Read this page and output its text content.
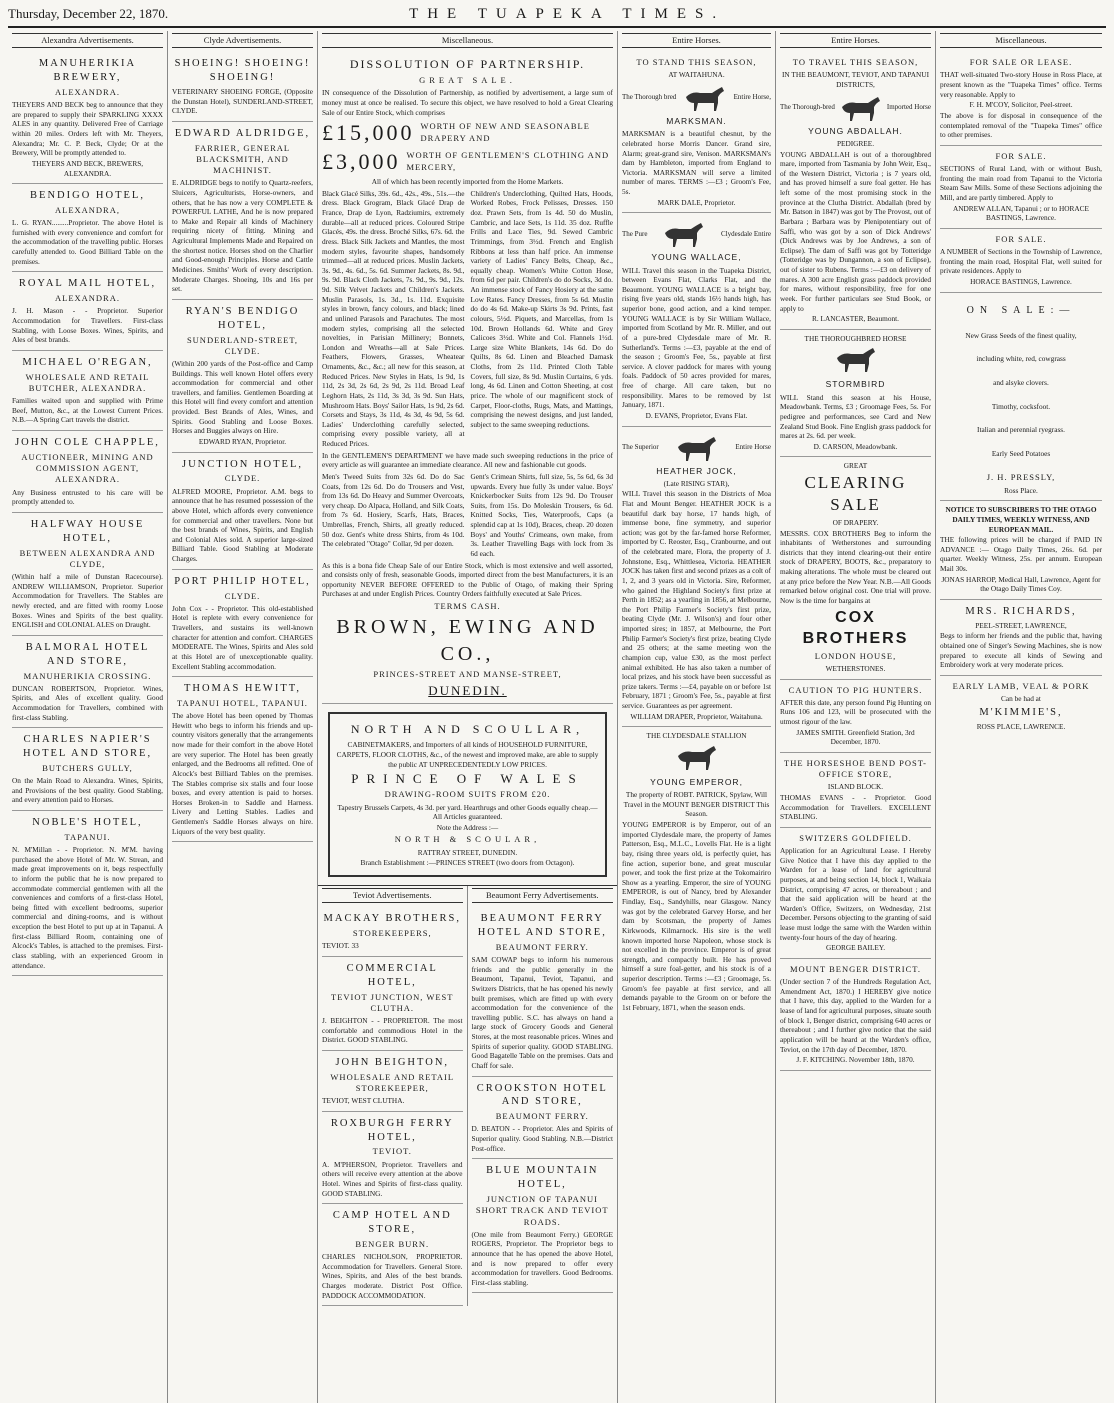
Thursday, December 22, 1870.	THE TUAPEKA TIMES.
Alexandra Advertisements.
MANUHERIKIA BREWERY,
ALEXANDRA.

THEYERS AND BECK beg to announce that they are prepared to supply their SPARKLING XXXX ALES in any quantity. Delivered Free of Carriage within 20 miles. Orders left with Mr. Theyers, Alexandra; Mr. C. P. Beck, Clyde; Or at the Brewery, Will be promptly attended to.

THEYERS AND BECK, BREWERS, ALEXANDRA.
BENDIGO HOTEL,
ALEXANDRA,

L. G. RYAN.........Proprietor. The above Hotel is furnished with every convenience and comfort for the accommodation of the travelling public. Horses carefully attended to. Good Billiard Table on the premises.

ROYAL MAIL HOTEL,
ALEXANDRA.

J. H. Mason - - Proprietor. Superior Accommodation for Travellers. First-class Stabling, with Loose Boxes. Wines, Spirits, and Ales of best brands.

MICHAEL O'REGAN,
WHOLESALE AND RETAIL BUTCHER, ALEXANDRA.

Families waited upon and supplied with Prime Beef, Mutton, &c., at the Lowest Current Prices. N.B.—A Spring Cart travels the district.

JOHN COLE CHAPPLE,
AUCTIONEER, MINING AND COMMISSION AGENT, ALEXANDRA.

Any Business entrusted to his care will be promptly attended to.

HALFWAY HOUSE HOTEL,
BETWEEN ALEXANDRA AND CLYDE,

(Within half a mile of Dunstan Racecourse). ANDREW WILLIAMSON, Proprietor. Superior Accommodation for Travellers. The Stables are newly erected, and are fitted with roomy Loose Boxes. Wines and Spirits of the best quality. ENGLISH and COLONIAL ALES on Draught.

BALMORAL HOTEL AND STORE,
MANUHERIKIA CROSSING.

DUNCAN ROBERTSON, Proprietor. Wines, Spirits, and Ales of excellent quality. Good Accommodation for Travellers, combined with first-class Stabling.

CHARLES NAPIER'S HOTEL AND STORE,
BUTCHERS GULLY,

On the Main Road to Alexandra. Wines, Spirits, and Provisions of the best quality. Good Stabling, and every attention paid to Horses.

NOBLE'S HOTEL,
TAPANUI.

N. M'Millan - - Proprietor. N. M'M. having purchased the above Hotel of Mr. W. Strean, and made great improvements on it, begs respectfully to inform the public that he is now prepared to accommodate commercial gentlemen with all the conveniences and comforts of a first-class Hotel, being fitted with excellent bedrooms, superior commercial and dining-rooms, and is without exception the best Hotel to put up at in Tapanui. A first-class Billiard Room, containing one of Alcock's Tables, is attached to the premises. First-class stabling, with an experienced Groom in attendance.

Clyde Advertisements.
SHOEING! SHOEING! SHOEING!

VETERINARY SHOEING FORGE, (Opposite the Dunstan Hotel), SUNDERLAND-STREET, CLYDE.

EDWARD ALDRIDGE,
FARRIER, GENERAL BLACKSMITH, AND MACHINIST.

E. ALDRIDGE begs to notify to Quartz-reefers, Sluicers, Agriculturists, Horse-owners, and others, that he has now a very COMPLETE & POWERFUL LATHE, And he is now prepared to Make and Repair all kinds of Machinery requiring nicety of fitting. Mining and Agricultural Implements Made and Repaired on the shortest notice. Horses shod on the Charlier and Good-enough Principles. Horse and Cattle Medicines. Smiths' Work of every description. Moderate Charges. Shoeing, 10s and 16s per set.

RYAN'S BENDIGO HOTEL,
SUNDERLAND-STREET, CLYDE.

(Within 200 yards of the Post-office and Camp Buildings. This well known Hotel offers every accommodation for commercial and other travellers, and families. Gentlemen Boarding at this Hotel will find every comfort and attention provided. Best Brands of Ales, Wines, and Spirits. Good Stabling and Loose Boxes. Horses and Buggies always on Hire.

EDWARD RYAN, Proprietor.
JUNCTION HOTEL,
CLYDE.

ALFRED MOORE, Proprietor. A.M. begs to announce that he has resumed possession of the above Hotel, which affords every convenience for commercial and other travellers. None but the best brands of Wines, Spirits, and English and Colonial Ales sold. A superior large-sized Billiard Table. Good Stabling at Moderate Charges.

PORT PHILIP HOTEL,
CLYDE.

John Cox - - Proprietor. This old-established Hotel is replete with every convenience for Travellers, and sustains its well-known character for attention and comfort. CHARGES MODERATE. The Wines, Spirits and Ales sold at this Hotel are of unexceptionable quality. Excellent Stabling accommodation.

THOMAS HEWITT,
TAPANUI HOTEL, TAPANUI.

The above Hotel has been opened by Thomas Hewitt who begs to inform his friends and up-country visitors generally that the arrangements now made for their comfort in the above Hotel are very superior. The Hotel has been greatly enlarged, and the Bedrooms all refitted. One of Alcock's best Billiard Tables on the premises. The Stables comprise six stalls and four loose boxes, and every attention is paid to horses. Horses Broken-in to Saddle and Harness. Livery and Letting Stables. Ladies and Gentlemen's Saddle Horses always on hire. Liquors of the very best quality.

Miscellaneous.
DISSOLUTION OF PARTNERSHIP.
GREAT SALE.

IN consequence of the Dissolution of Partnership, as notified by advertisement, a large sum of money must at once be realised. To secure this object, we have resolved to hold a Great Clearing Sale of our Entire Stock, which comprises

£15,000 WORTH OF NEW AND SEASONABLE DRAPERY AND
£3,000 WORTH OF GENTLEMEN'S CLOTHING AND MERCERY,

All of which has been recently imported from the Home Markets.

Black Glacé Silks, 39s. 6d., 42s., 49s., 51s.—the dress. Black Grogram, Black Glacé Drap de France, Drap de Lyon, Radziumirs, extremely durable—all at reduced prices. Coloured Stripe Glacés, 49s. the dress. Broché Silks, 67s. 6d. the dress. Black Silk Jackets and Mantles, the most modern styles, favourite shapes, handsomely trimmed—all at reduced prices. Muslin Jackets, 3s. 9d., 4s. 6d., 5s. 6d. Summer Jackets, 8s. 9d., 9s. 9d. Black Cloth Jackets, 7s. 9d., 9s. 9d., 12s. 9d. Silk Velvet Jackets and Children's Jackets. Muslin Parasols, 1s. 3d., 1s. 11d. Exquisite styles in brown, fancy colours, and black; lined and unlined Parasols and Parachutes. The most modern styles, comprising all the selected novelties, in Parisian Millinery; Bonnets, London and Wreaths—all at Sale Prices. Feathers, Flowers, Grasses, Wheatear Ornaments, &c., &c.; all new for this season, at Reduced Prices. New Styles in Hats, 1s 9d, 1s 11d, 2s 3d, 2s 6d, 2s 9d, 2s 11d. Broad Leaf Leghorn Hats, 2s 11d, 3s 3d, 3s 9d. Sun Hats, Mushroom Hats. Boys' Sailor Hats, 1s 9d, 2s 6d. Corsets and Stays, 3s 11d, 4s 3d, 4s 9d, 5s 6d. Ladies' Underclothing carefully selected, comprising every possible variety, all at Reduced Prices.
Children's Underclothing, Quilted Hats, Hoods, Worked Robes, Frock Pelisses, Dresses. 150 doz. Prawn Sets, from 1s 4d. 50 do Muslin, Cambric, and lace Sets, 1s 11d. 35 doz. Ruffle Frills and Lace Ties, 9d. Sewed Cambric Trimmings, from 3½d. French and English Ribbons at less than half price. An immense variety of Ladies' Fancy Belts, Cheap, &c., equally cheap. Women's White Cotton Hose, from 6d per pair. Children's do do Socks, 3d do. An immense stock of Fancy Hosiery at the same Low Rates. Fancy Dresses, from 5s 6d. Muslin do do 4s 6d. Make-up Skirts 3s 9d. Prints, fast colours, 5½d. Piquets, and Marcellas, from 1s 10d. Brown Hollands 6d. White and Grey Calicoes 3½d. White and Col. Flannels 1½d. Large size White Blankets, 14s 6d. Do do Quilts, 8s 6d. Linen and Bleached Damask Cloths, from 2s 11d. Printed Cloth Table Covers, full size, 8s 9d. Muslin Curtains, 6 yds. long, 4s 6d. Linen and Cotton Sheeting, at cost price. The whole of our magnificent stock of Carpet, Floor-cloths, Rugs, Mats, and Mattings, comprising the newest designs, and just landed, subject to the same sweeping reductions.

In the GENTLEMEN'S DEPARTMENT we have made such sweeping reductions in the price of every article as will guarantee an immediate clearance. All new and fashionable cut goods.

Men's Tweed Suits from 32s 6d. Do do Sac Coats, from 12s 6d. Do do Trousers and Vest, from 13s 6d. Do Heavy and Summer Overcoats, very cheap. Do Alpaca, Holland, and Silk Coats, from 7s 6d. Hosiery, Scarfs, Hats, Braces, Umbrellas, French, Shirts, all greatly reduced. 50 doz. Gent's white dress Shirts, from 4s 10d. The celebrated "Otago" Collar, 9d per dozen.
Gent's Crimean Shirts, full size, 5s, 5s 6d, 6s 3d upwards. Every hue fully 3s under value. Boys' Knickerbocker Suits from 12s 9d. Do Trouser Suits, from 15s. Do Moleskin Trousers, 6s 6d. Knitted Socks, Ties, Waterproofs, Caps (a splendid cap at 1s 10d), Braces, cheap. 20 dozen Boys' and Youths' Crimeans, own make, from 3s. Leather Travelling Bags with lock from 3s 6d each.

As this is a bona fide Cheap Sale of our Entire Stock, which is most extensive and well assorted, and consists only of fresh, seasonable Goods, imported direct from the best Manufacturers, it is an opportunity NEVER BEFORE OFFERED to the Public of Otago, of making their Spring Purchases at and under English Prices. Country Orders faithfully executed at Sale Prices.

TERMS CASH.
BROWN, EWING AND CO.,
PRINCES-STREET AND MANSE-STREET,
DUNEDIN.
NORTH AND SCOULLAR,

CABINETMAKERS, and Importers of all kinds of HOUSEHOLD FURNITURE, CARPETS, FLOOR CLOTHS, &c., of the newest and improved make, are able to supply the public AT UNPRECEDENTEDLY LOW PRICES.

PRINCE OF WALES
DRAWING-ROOM SUITS FROM £20.

Tapestry Brussels Carpets, 4s 3d. per yard. Hearthrugs and other Goods equally cheap.—All Articles guaranteed.

Note the Address :—

NORTH & SCOULAR,
RATTRAY STREET, DUNEDIN.
Branch Establishment :—PRINCES STREET (two doors from Octagon).
Teviot Advertisements.
MACKAY BROTHERS,
STOREKEEPERS,

TEVIOT. 33

COMMERCIAL HOTEL,
TEVIOT JUNCTION, WEST CLUTHA.

J. BEIGHTON - - PROPRIETOR. The most comfortable and commodious Hotel in the District. GOOD STABLING.

JOHN BEIGHTON,
WHOLESALE AND RETAIL STOREKEEPER,

TEVIOT, WEST CLUTHA.

ROXBURGH FERRY HOTEL,
TEVIOT.

A. M'PHERSON, Proprietor. Travellers and others will receive every attention at the above Hotel. Wines and Spirits of first-class quality. GOOD STABLING.

CAMP HOTEL AND STORE,
BENGER BURN.

CHARLES NICHOLSON, PROPRIETOR. Accommodation for Travellers. General Store. Wines, Spirits, and Ales of the best brands. Charges moderate. District Post Office. PADDOCK ACCOMMODATION.

Beaumont Ferry Advertisements.
BEAUMONT FERRY HOTEL AND STORE,
BEAUMONT FERRY.

SAM COWAP begs to inform his numerous friends and the public generally in the Beaumont, Tapanui, Teviot, Tapanui, and Switzers Districts, that he has opened his newly built premises, which are fitted up with every accommodation for the convenience of the travelling public. S.C. has always on hand a large stock of Grocery Goods and General Stores, at the most reasonable prices. Wines and Spirits of superior quality. GOOD STABLING. Good Bagatelle Table on the premises. Oats and Chaff for sale.

CROOKSTON HOTEL AND STORE,
BEAUMONT FERRY.

D. BEATON - - Proprietor. Ales and Spirits of Superior quality. Good Stabling. N.B.—District Post-office.

BLUE MOUNTAIN HOTEL,
JUNCTION OF TAPANUI SHORT TRACK AND TEVIOT ROADS.

(One mile from Beaumont Ferry.) GEORGE ROGERS, Proprietor. The Proprietor begs to announce that he has opened the above Hotel, and is now prepared to offer every accommodation for travellers. Good Bedrooms. First-class stabling.

Entire Horses.
TO STAND THIS SEASON,
AT WAITAHUNA.
The Thorough bred	Entire Horse,
MARKSMAN.

MARKSMAN is a beautiful chesnut, by the celebrated horse Morris Dancer. Grand sire, Alarm; great-grand sire, Venison. MARKSMAN's dam by Hambleton, imported from England to Victoria. MARKSMAN will serve a limited number of mares. TERMS :—£3 ; Groom's Fee, 5s.

MARK DALE, Proprietor.
The Pure	Clydesdale Entire
YOUNG WALLACE,

WILL Travel this season in the Tuapeka District, between Evans Flat, Clarks Flat, and the Beaumont. YOUNG WALLACE is a bright bay, rising five years old, stands 16½ hands high, has superior bone, good action, and a kind temper. YOUNG WALLACE is by Sir William Wallace, imported from Scotland by Mr. R. Miller, and out of a pure-bred Clydesdale mare of Mr. R. Sutherland's. Terms :—£3, payable at the end of the season ; Groom's Fee, 5s., payable at first service. A clover paddock for mares with young foals. Paddock of 50 acres provided for mares, free of charge. All care taken, but no responsibility. Mares to be removed by 1st January, 1871.

D. EVANS, Proprietor, Evans Flat.
The Superior	Entire Horse
HEATHER JOCK,
(Late RISING STAR),

WILL Travel this season in the Districts of Moa Flat and Mount Benger. HEATHER JOCK is a beautiful dark bay horse, 17 hands high, of immense bone, fine symmetry, and superior action; was got by the far-famed horse Reformer, imported by C. Reoster, Esq., Cranbourne, and out of the celebrated mare, Flora, the property of J. Johnstone, Esq., Whittlesea, Victoria. HEATHER JOCK has taken first and second prizes as a colt of 1, 2, and 3 years old in Victoria. Sire, Reformer, who gained the Highland Society's first prize at Perth in 1852; as a yearling in 1856, at Melbourne, the Port Philip Farmer's Society's first prize, beating Clyde (Mr. J. Wilson's) and four other imported sires; in 1857, at Melbourne, the Port Philip Farmer's Society's first prize, beating Clyde and 25 others; at the same meeting won the champion cup, value £30, as the most perfect animal exhibited. He has also taken a number of local prizes, and his stock have been successful as prize takers. Terms :—£4, payable on or before 1st February, 1871 ; Groom's Fee, 5s., payable at first service. Guarantees as per agreement.

WILLIAM DRAPER, Proprietor, Waitahuna.
THE CLYDESDALE STALLION
YOUNG EMPEROR,
The property of ROBT. PATRICK, Spylaw, Will Travel in the MOUNT BENGER DISTRICT This Season.

YOUNG EMPEROR is by Emperor, out of an imported Clydesdale mare, the property of James Patterson, Esq., M.L.C., Lovells Flat. He is a light bay, rising three years old, is perfectly quiet, has fine action, superior bone, and great muscular power, and took the first prize at the Tokomairiro Show as a yearling. Emperor, the sire of YOUNG EMPEROR, is out of Nancy, bred by Alexander Findlay, Esq., Sandyhills, near Glasgow. Nancy was got by the celebrated Garvey Horse, and her dam by Scotsman, the property of James Kirkwoods, Kilmarnock. His sire is the well known imported horse Napoleon, whose stock is not excelled in the province. Emperor is of great strength, and compactly built. He has proved himself a sure foal-getter, and his stock is of a superior description. Terms :—£3 ; Groomage, 5s. Groom's fee payable at first service, and all demands payable to the Groom on or before the 1st February, 1871, when the season ends.

Entire Horses.
TO TRAVEL THIS SEASON,
IN THE BEAUMONT, TEVIOT, AND TAPANUI DISTRICTS,
The Thorough-bred	Imported Horse
YOUNG ABDALLAH.
PEDIGREE.

YOUNG ABDALLAH is out of a thoroughbred mare, imported from Tasmania by John Weir, Esq., of the Western District, Victoria ; is 7 years old, and has proved himself a sure foal getter. He has left some of the most promising stock in the province at the Clutha District. Abdallah (bred by Mr. Batson in 1847) was got by The Provost, out of Barbara ; Barbara was by Plenipotentiary out of Saffi, who was got by a son of Dick Andrews' (Dick Andrews was by Joe Andrews, a son of Eclipse). The dam of Saffi was got by Totteridge (Totteridge was by Dungannon, a son of Eclipse), out of sister to Rubens. Terms :—£3 on delivery of mares. A 300 acre English grass paddock provided for mares, without responsibility, free for one week. For further particulars see Stud Book, or apply to

R. LANCASTER, Beaumont.
THE THOROUGHBRED HORSE
STORMBIRD

WILL Stand this season at his House, Meadowbank. Terms, £3 ; Groomage Fees, 5s. For pedigree and performances, see Card and New Zealand Stud Book. Fine English grass paddock for mares at 2s. 6d. per week.

D. CARSON, Meadowbank.
GREAT
CLEARING SALE
OF DRAPERY.

MESSRS. COX BROTHERS Beg to inform the inhabitants of Wetherstones and surrounding districts that they intend clearing-out their entire stock of DRAPERY, BOOTS, &c., preparatory to making alterations. The whole must be cleared out at any price before the New Year. N.B.—All Goods remarked below original cost. One trial will prove. Now is the time for bargains at

COX BROTHERS
LONDON HOUSE,
WETHERSTONES.
CAUTION TO PIG HUNTERS.

AFTER this date, any person found Pig Hunting on Runs 106 and 123, will be prosecuted with the utmost rigour of the law.

JAMES SMITH. Greenfield Station, 3rd December, 1870.
THE HORSESHOE BEND POST-OFFICE STORE,
ISLAND BLOCK.

THOMAS EVANS - - Proprietor. Good Accommodation for Travellers. EXCELLENT STABLING.

SWITZERS GOLDFIELD.

Application for an Agricultural Lease. I Hereby Give Notice that I have this day applied to the Warden for a lease of land for agricultural purposes, at and being section 14, block 1, Waikaia District, comprising 47 acres, or thereabout ; and that the said application will be heard at the Warden's Office, Switzers, on Wednesday, 21st December. Persons objecting to the granting of said lease must lodge the same with the Warden within twenty-four hours of the day of hearing.

GEORGE BAILEY.
MOUNT BENGER DISTRICT.

(Under section 7 of the Hundreds Regulation Act, Amendment Act, 1870.) I HEREBY give notice that I have, this day, applied to the Warden for a lease of land for agricultural purposes, situate south of block 1, Benger district, comprising 640 acres or thereabout ; and I further give notice that the said application will be heard at the Warden's office, Teviot, on the 17th day of December, 1870.

J. F. KITCHING. November 18th, 1870.
Miscellaneous.
FOR SALE OR LEASE.

THAT well-situated Two-story House in Ross Place, at present known as the "Tuapeka Times" office. Terms very reasonable. Apply to

F. H. M'COY, Solicitor, Peel-street.

The above is for disposal in consequence of the contemplated removal of the "Tuapeka Times" office to other premises.

FOR SALE.

SECTIONS of Rural Land, with or without Bush, fronting the main road from Tapanui to the Victoria Steam Saw Mills. Some of these Sections adjoining the Mill, and are partly timbered. Apply to

ANDREW ALLAN, Tapanui ; or to HORACE BASTINGS, Lawrence.
FOR SALE.

A NUMBER of Sections in the Township of Lawrence, fronting the main road, Hospital Flat, well suited for private residences. Apply to

HORACE BASTINGS, Lawrence.
ON SALE:—
New Grass Seeds of the finest quality,
including white, red, cowgrass
and alsyke clovers.
Timothy, cocksfoot.
Italian and perennial ryegrass.
Early Seed Potatoes
J. H. PRESSLY,
Ross Place.
NOTICE TO SUBSCRIBERS TO THE OTAGO DAILY TIMES, WEEKLY WITNESS, AND EUROPEAN MAIL.

THE following prices will be charged if PAID IN ADVANCE :— Otago Daily Times, 26s. 6d. per quarter. Weekly Witness, 25s. per annum. European Mail 30s.

JONAS HARROP, Medical Hall, Lawrence, Agent for the Otago Daily Times Coy.
MRS. RICHARDS,
PEEL-STREET, LAWRENCE,

Begs to inform her friends and the public that, having obtained one of Singer's Sewing Machines, she is now prepared to execute all kinds of Sewing and Embroidery work at very moderate prices.

EARLY LAMB, VEAL & PORK
Can be had at
M'KIMMIE'S,
ROSS PLACE, LAWRENCE.
